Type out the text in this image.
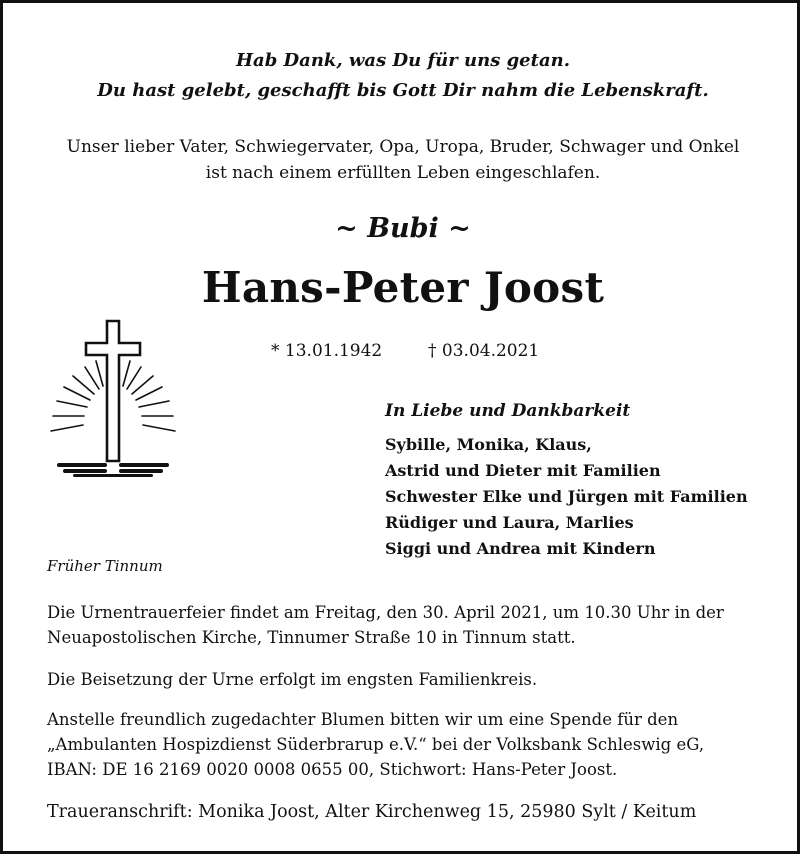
Hab Dank, was Du für uns getan.
Du hast gelebt, geschafft bis Gott Dir nahm die Lebenskraft.
Unser lieber Vater, Schwiegervater, Opa, Uropa, Bruder, Schwager und Onkel
ist nach einem erfüllten Leben eingeschlafen.
~ Bubi ~
Hans-Peter Joost
* 13.01.1942	† 03.04.2021
In Liebe und Dankbarkeit
Sybille, Monika, Klaus,
Astrid und Dieter mit Familien
Schwester Elke und Jürgen mit Familien
Rüdiger und Laura, Marlies
Siggi und Andrea mit Kindern
Früher Tinnum
Die Urnentrauerfeier findet am Freitag, den 30. April 2021, um 10.30 Uhr in der
Neuapostolischen Kirche, Tinnumer Straße 10 in Tinnum statt.
Die Beisetzung der Urne erfolgt im engsten Familienkreis.
Anstelle freundlich zugedachter Blumen bitten wir um eine Spende für den
„Ambulanten Hospizdienst Süderbrarup e.V.“ bei der Volksbank Schleswig eG,
IBAN: DE 16 2169 0020 0008 0655 00, Stichwort: Hans-Peter Joost.
Traueranschrift: Monika Joost, Alter Kirchenweg 15, 25980 Sylt / Keitum
